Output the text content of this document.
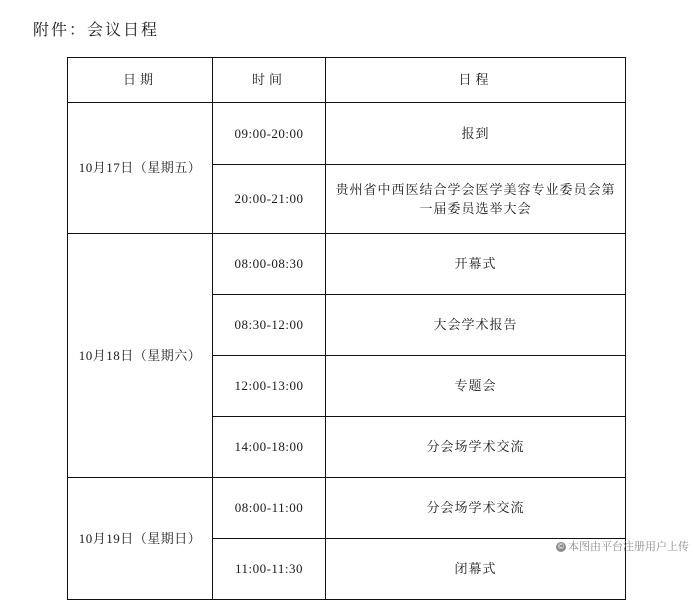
附件：会议日程
日期	时间	日程
10月17日（星期五）	09:00-20:00	报到
	20:00-21:00	贵州省中西医结合学会医学美容专业委员会第一届委员选举大会
10月18日（星期六）	08:00-08:30	开幕式
	08:30-12:00	大会学术报告
	12:00-13:00	专题会
	14:00-18:00	分会场学术交流
10月19日（星期日）	08:00-11:00	分会场学术交流
	11:00-11:30	闭幕式
© 本图由平台注册用户上传
